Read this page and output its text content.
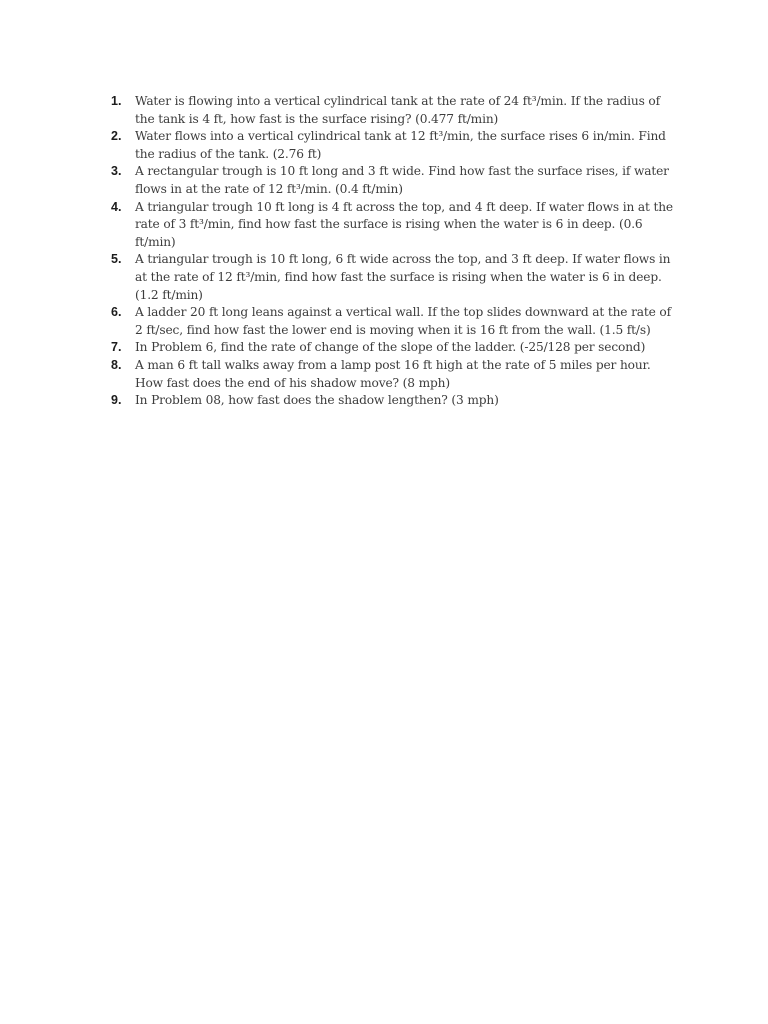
1.	Water is flowing into a vertical cylindrical tank at the rate of 24 ft³/min. If the radius of the tank is 4 ft, how fast is the surface rising? (0.477 ft/min)
2.	Water flows into a vertical cylindrical tank at 12 ft³/min, the surface rises 6 in/min. Find the radius of the tank. (2.76 ft)
3.	A rectangular trough is 10 ft long and 3 ft wide. Find how fast the surface rises, if water flows in at the rate of 12 ft³/min. (0.4 ft/min)
4.	A triangular trough 10 ft long is 4 ft across the top, and 4 ft deep. If water flows in at the rate of 3 ft³/min, find how fast the surface is rising when the water is 6 in deep. (0.6 ft/min)
5.	A triangular trough is 10 ft long, 6 ft wide across the top, and 3 ft deep. If water flows in at the rate of 12 ft³/min, find how fast the surface is rising when the water is 6 in deep. (1.2 ft/min)
6.	A ladder 20 ft long leans against a vertical wall. If the top slides downward at the rate of 2 ft/sec, find how fast the lower end is moving when it is 16 ft from the wall. (1.5 ft/s)
7.	In Problem 6, find the rate of change of the slope of the ladder. (-25/128 per second)
8.	A man 6 ft tall walks away from a lamp post 16 ft high at the rate of 5 miles per hour. How fast does the end of his shadow move? (8 mph)
9.	In Problem 08, how fast does the shadow lengthen? (3 mph)
